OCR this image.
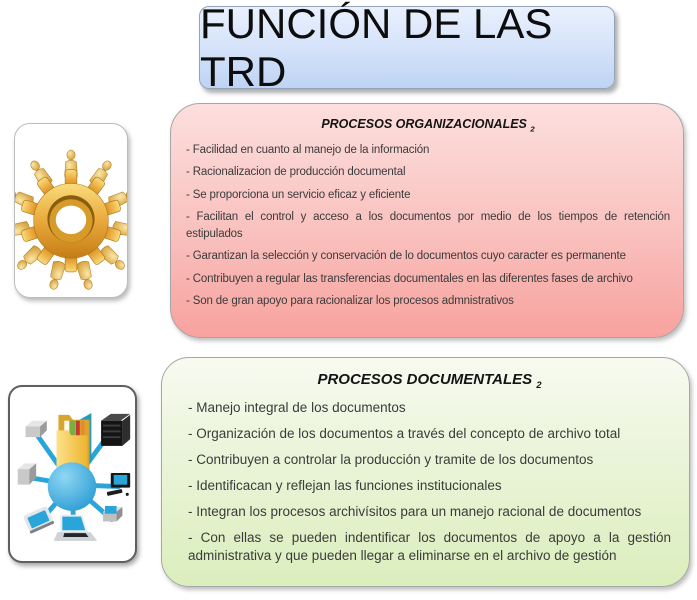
FUNCIÓN DE LAS TRD
PROCESOS ORGANIZACIONALES $_2$
- Facilidad en cuanto al manejo de la información
- Racionalizacion de producción documental
- Se proporciona un servicio eficaz y eficiente
- Facilitan el control y acceso a los documentos por medio de los tiempos de retención estipulados
- Garantizan la selección y conservación de lo documentos cuyo caracter es permanente
- Contribuyen a regular las transferencias documentales en las diferentes fases de archivo
- Son de gran apoyo para racionalizar los procesos admnistrativos
PROCESOS DOCUMENTALES $_2$
- Manejo integral de los documentos
- Organización de los documentos a través del concepto de archivo total
- Contribuyen a controlar la producción y tramite de los documentos
- Identificacan y reflejan las funciones institucionales
- Integran los procesos archivísitos para un manejo racional de documentos
- Con ellas se pueden indentificar los documentos de apoyo a la gestión administrativa y que pueden llegar a eliminarse en el archivo de gestión
